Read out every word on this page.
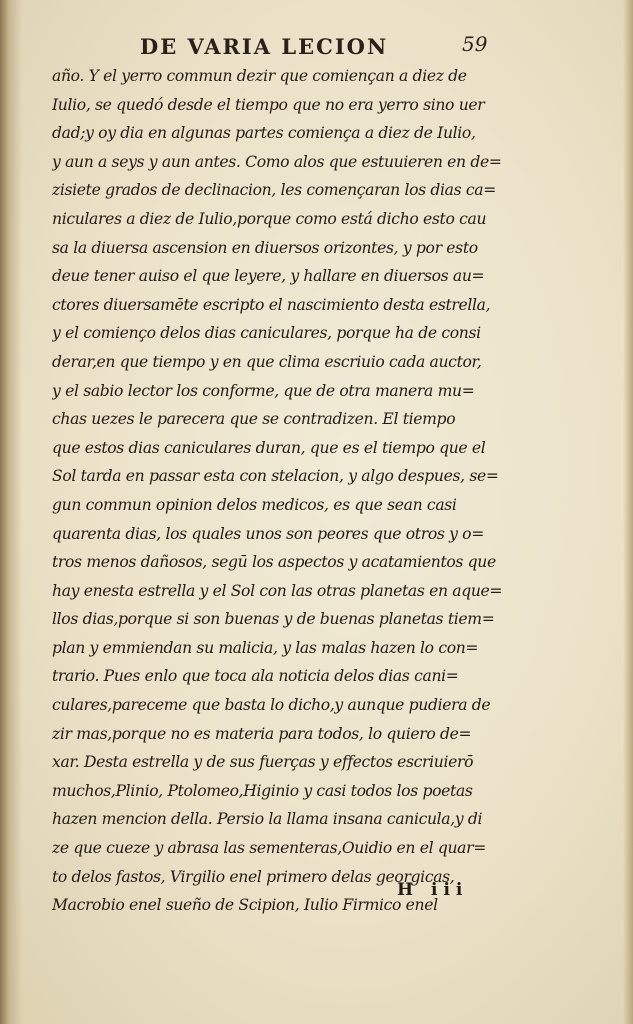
DE VARIA LECION	59
año. Y el yerro commun dezir que comiençan a diez de
Iulio, se quedó desde el tiempo que no era yerro sino uer
dad;y oy dia en algunas partes comiença a diez de Iulio,
y aun a seys y aun antes. Como alos que estuuieren en de=
zisiete grados de declinacion, les començaran los dias ca=
niculares a diez de Iulio,porque como está dicho esto cau
sa la diuersa ascension en diuersos orizontes, y por esto
deue tener auiso el que leyere, y hallare en diuersos au=
ctores diuersamēte escripto el nascimiento desta estrella,
y el comienço delos dias caniculares, porque ha de consi
derar,en que tiempo y en que clima escriuio cada auctor,
y el sabio lector los conforme, que de otra manera mu=
chas uezes le parecera que se contradizen. El tiempo
que estos dias caniculares duran, que es el tiempo que el
Sol tarda en passar esta con stelacion, y algo despues, se=
gun commun opinion delos medicos, es que sean casi
quarenta dias, los quales unos son peores que otros y o=
tros menos dañosos, segū los aspectos y acatamientos que
hay enesta estrella y el Sol con las otras planetas en aque=
llos dias,porque si son buenas y de buenas planetas tiem=
plan y emmiendan su malicia, y las malas hazen lo con=
trario. Pues enlo que toca ala noticia delos dias cani=
culares,pareceme que basta lo dicho,y aunque pudiera de
zir mas,porque no es materia para todos, lo quiero de=
xar. Desta estrella y de sus fuerças y effectos escriuierō
muchos,Plinio, Ptolomeo,Higinio y casi todos los poetas
hazen mencion della. Persio la llama insana canicula,y di
ze que cueze y abrasa las sementeras,Ouidio en el quar=
to delos fastos, Virgilio enel primero delas georgicas,
Macrobio enel sueño de Scipion, Iulio Firmico enel
H iii
